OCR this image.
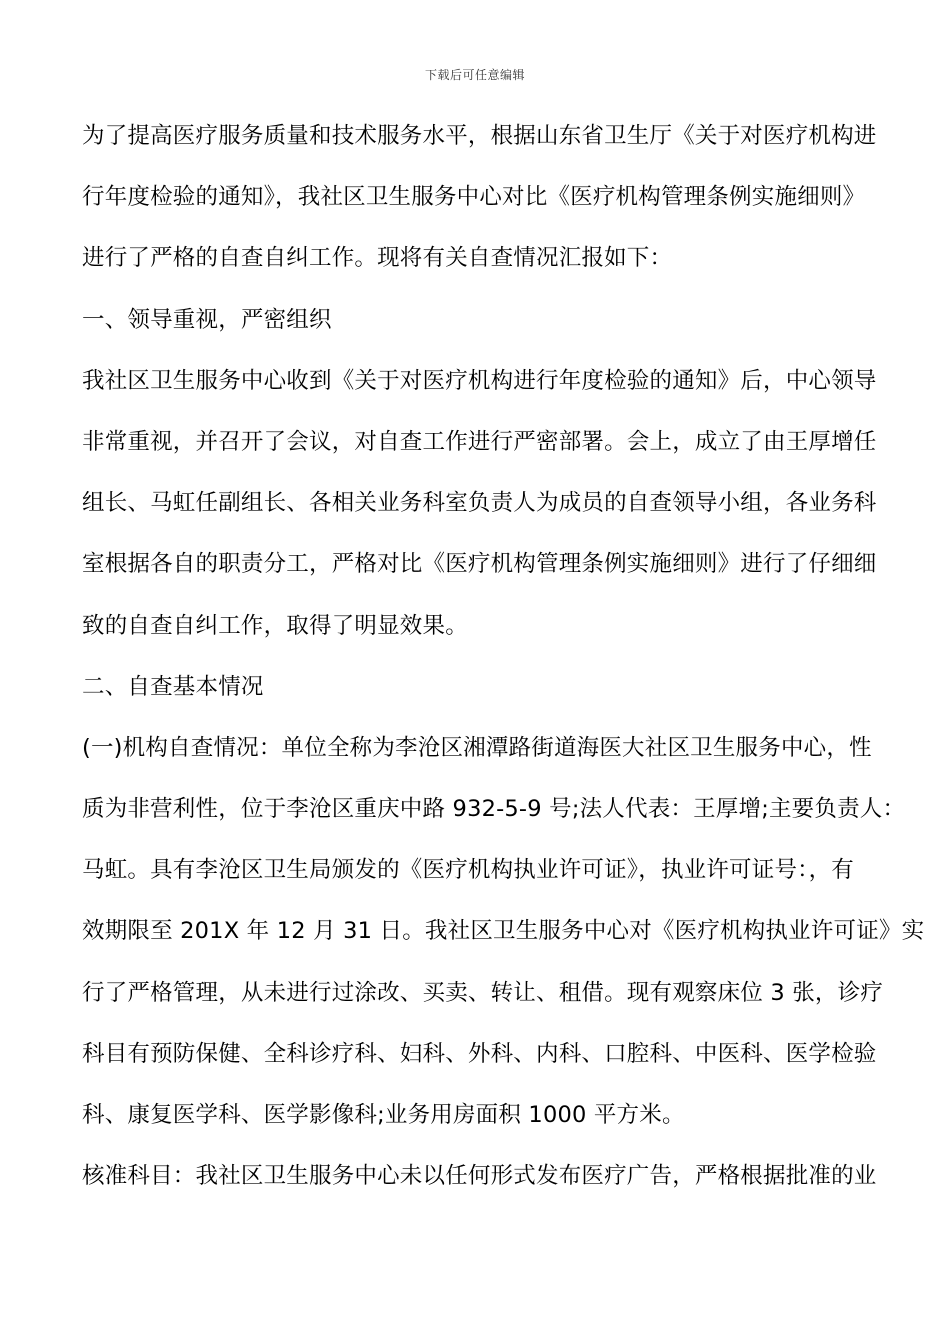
下载后可任意编辑
为了提高医疗服务质量和技术服务水平，根据山东省卫生厅《关于对医疗机构进
行年度检验的通知》，我社区卫生服务中心对比《医疗机构管理条例实施细则》
进行了严格的自查自纠工作。现将有关自查情况汇报如下：
一、领导重视，严密组织
我社区卫生服务中心收到《关于对医疗机构进行年度检验的通知》后，中心领导
非常重视，并召开了会议，对自查工作进行严密部署。会上，成立了由王厚增任
组长、马虹任副组长、各相关业务科室负责人为成员的自查领导小组，各业务科
室根据各自的职责分工，严格对比《医疗机构管理条例实施细则》进行了仔细细
致的自查自纠工作，取得了明显效果。
二、自查基本情况
(一)机构自查情况：单位全称为李沧区湘潭路街道海医大社区卫生服务中心，性
质为非营利性，位于李沧区重庆中路 932-5-9 号;法人代表：王厚增;主要负责人：
马虹。具有李沧区卫生局颁发的《医疗机构执业许可证》，执业许可证号：，有
效期限至 201X 年 12 月 31 日。我社区卫生服务中心对《医疗机构执业许可证》实
行了严格管理，从未进行过涂改、买卖、转让、租借。现有观察床位 3 张，诊疗
科目有预防保健、全科诊疗科、妇科、外科、内科、口腔科、中医科、医学检验
科、康复医学科、医学影像科;业务用房面积 1000 平方米。
核准科目：我社区卫生服务中心未以任何形式发布医疗广告，严格根据批准的业
